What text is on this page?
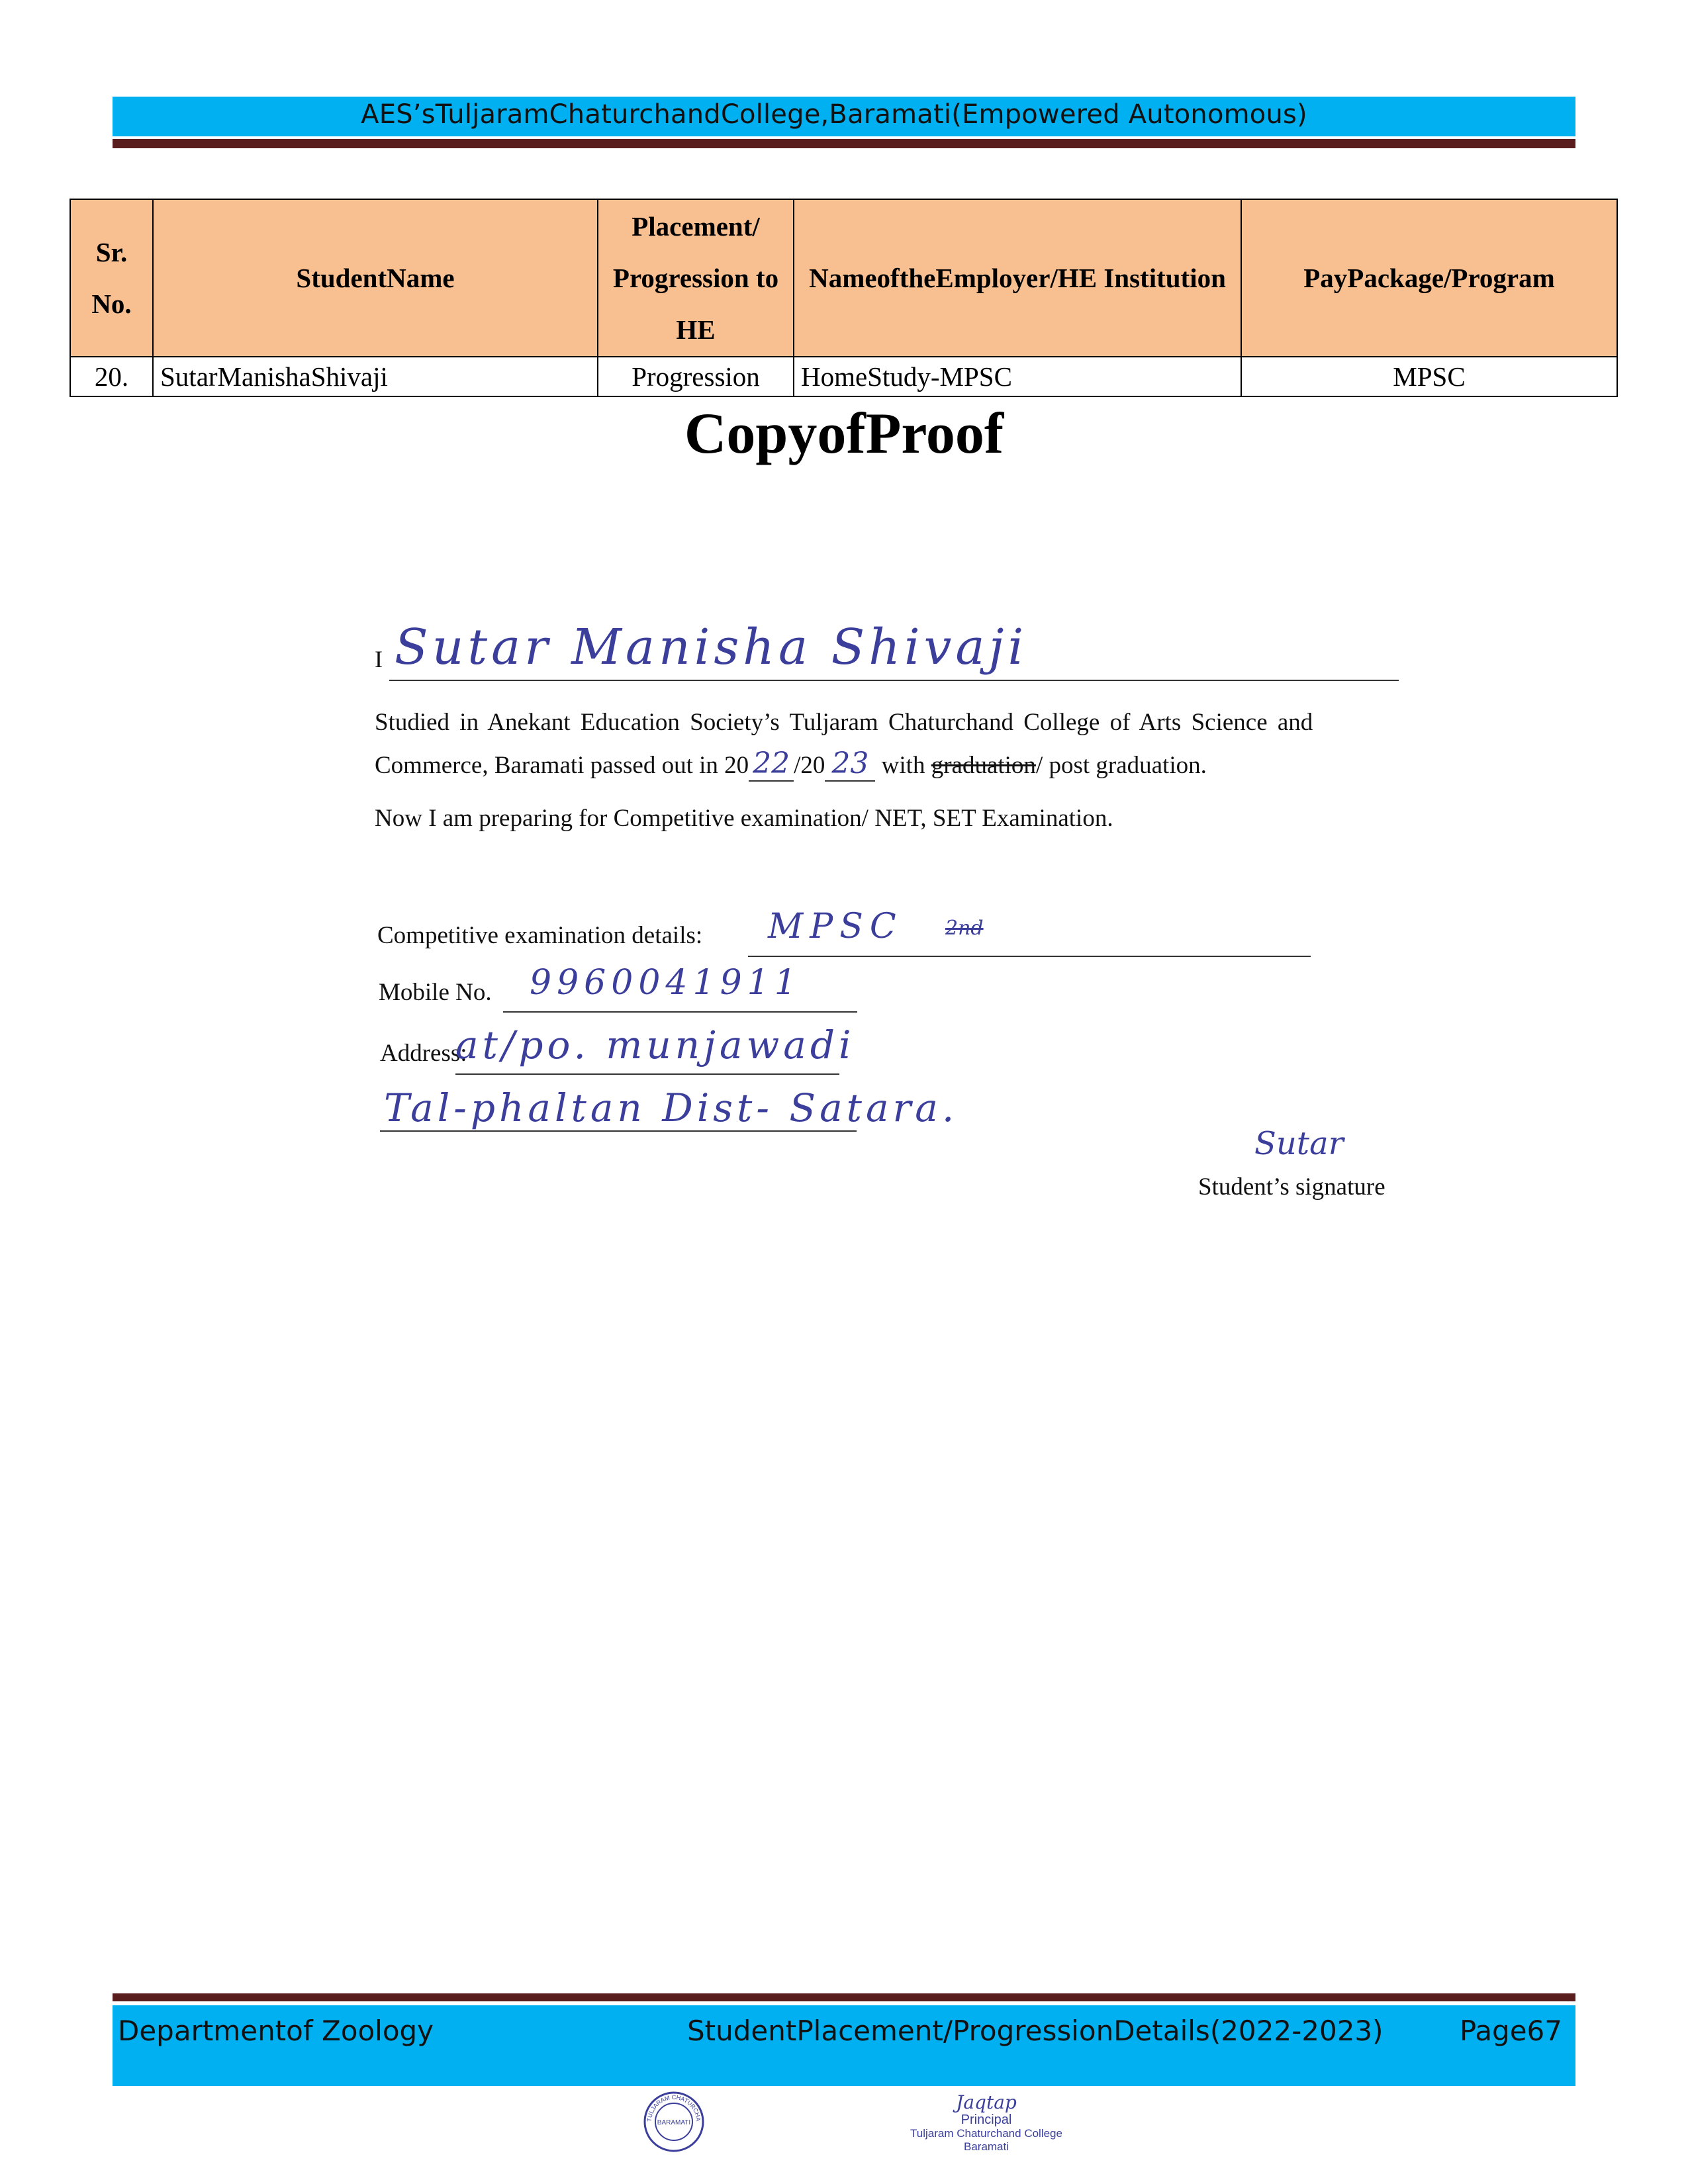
AES’sTuljaramChaturchandCollege,Baramati(Empowered Autonomous)
Sr. No.	StudentName	Placement/ Progression to HE	NameoftheEmployer/HE Institution	PayPackage/Program
20.	SutarManishaShivaji	Progression	HomeStudy-MPSC	MPSC
CopyofProof
I Sutar Manisha Shivaji
Studied in Anekant Education Society’s Tuljaram Chaturchand College of Arts Science and
Commerce, Baramati passed out in 20 22 /20 23 with graduation/ post graduation.
Now I am preparing for Competitive examination/ NET, SET Examination.
Competitive examination details: MPSC 2nd
Mobile No. 9960041911
Address:
at/po. munjawadi
Tal-phaltan Dist- Satara.
Sutar
Student’s signature
Departmentof Zoology	StudentPlacement/ProgressionDetails(2022-2023)	Page67
TULJARAM CHATURCHA
BARAMATI
Jaqtap
Principal
Tuljaram Chaturchand College
Baramati
